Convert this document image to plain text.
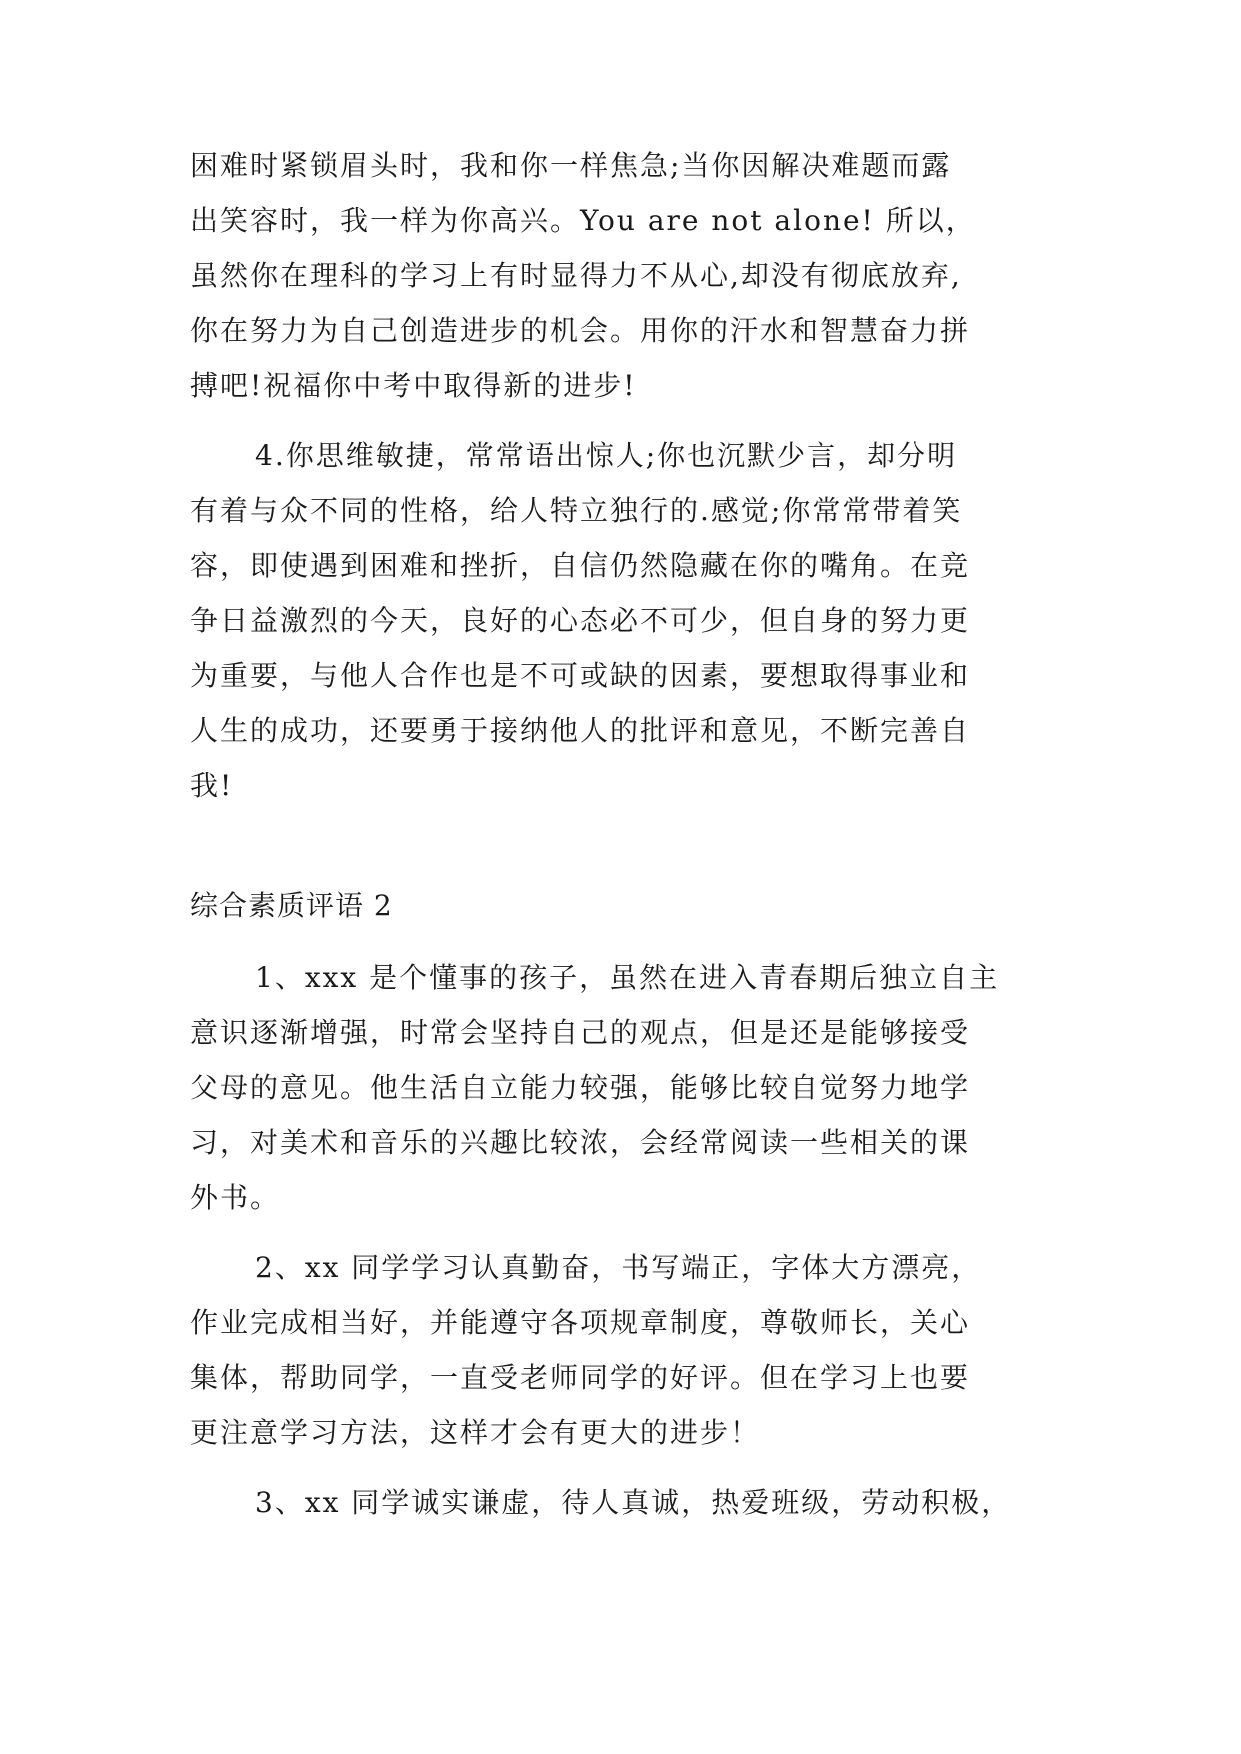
困难时紧锁眉头时，我和你一样焦急;当你因解决难题而露
出笑容时，我一样为你高兴。You are not alone! 所以，
虽然你在理科的学习上有时显得力不从心,却没有彻底放弃,
你在努力为自己创造进步的机会。用你的汗水和智慧奋力拼
搏吧!祝福你中考中取得新的进步!
4.你思维敏捷，常常语出惊人;你也沉默少言，却分明
有着与众不同的性格，给人特立独行的.感觉;你常常带着笑
容，即使遇到困难和挫折，自信仍然隐藏在你的嘴角。在竞
争日益激烈的今天，良好的心态必不可少，但自身的努力更
为重要，与他人合作也是不可或缺的因素，要想取得事业和
人生的成功，还要勇于接纳他人的批评和意见，不断完善自
我!
综合素质评语 2
1、xxx 是个懂事的孩子，虽然在进入青春期后独立自主
意识逐渐增强，时常会坚持自己的观点，但是还是能够接受
父母的意见。他生活自立能力较强，能够比较自觉努力地学
习，对美术和音乐的兴趣比较浓，会经常阅读一些相关的课
外书。
2、xx 同学学习认真勤奋，书写端正，字体大方漂亮，
作业完成相当好，并能遵守各项规章制度，尊敬师长，关心
集体，帮助同学，一直受老师同学的好评。但在学习上也要
更注意学习方法，这样才会有更大的进步！
3、xx 同学诚实谦虚，待人真诚，热爱班级，劳动积极，
